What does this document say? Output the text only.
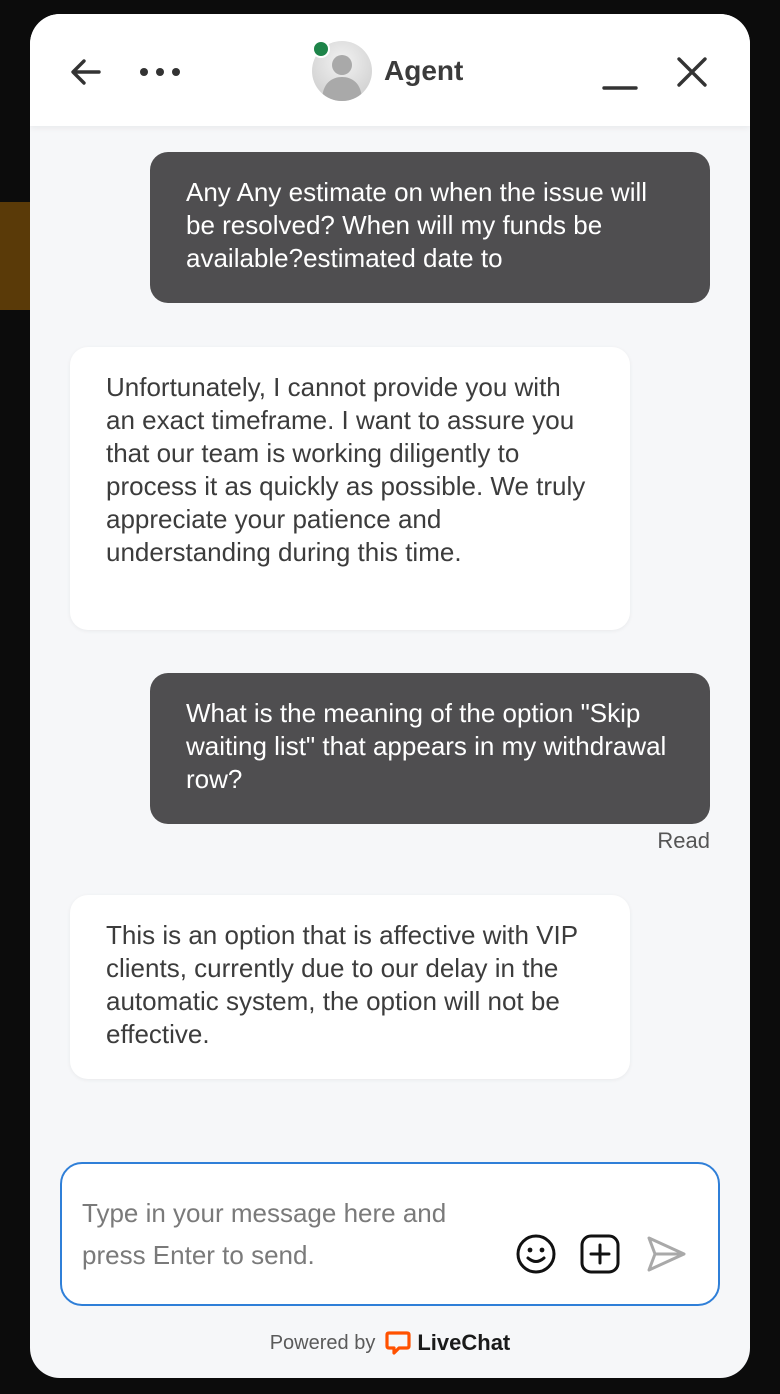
Agent
Any Any estimate on when the issue will be resolved? When will my funds be available?estimated date to
Unfortunately, I cannot provide you with an exact timeframe. I want to assure you that our team is working diligently to process it as quickly as possible. We truly appreciate your patience and understanding during this time.
What is the meaning of the option "Skip waiting list" that appears in my withdrawal row?
Read
This is an option that is affective with VIP clients, currently due to our delay in the automatic system, the option will not be effective.
Type in your message here and press Enter to send.
Powered by LiveChat
